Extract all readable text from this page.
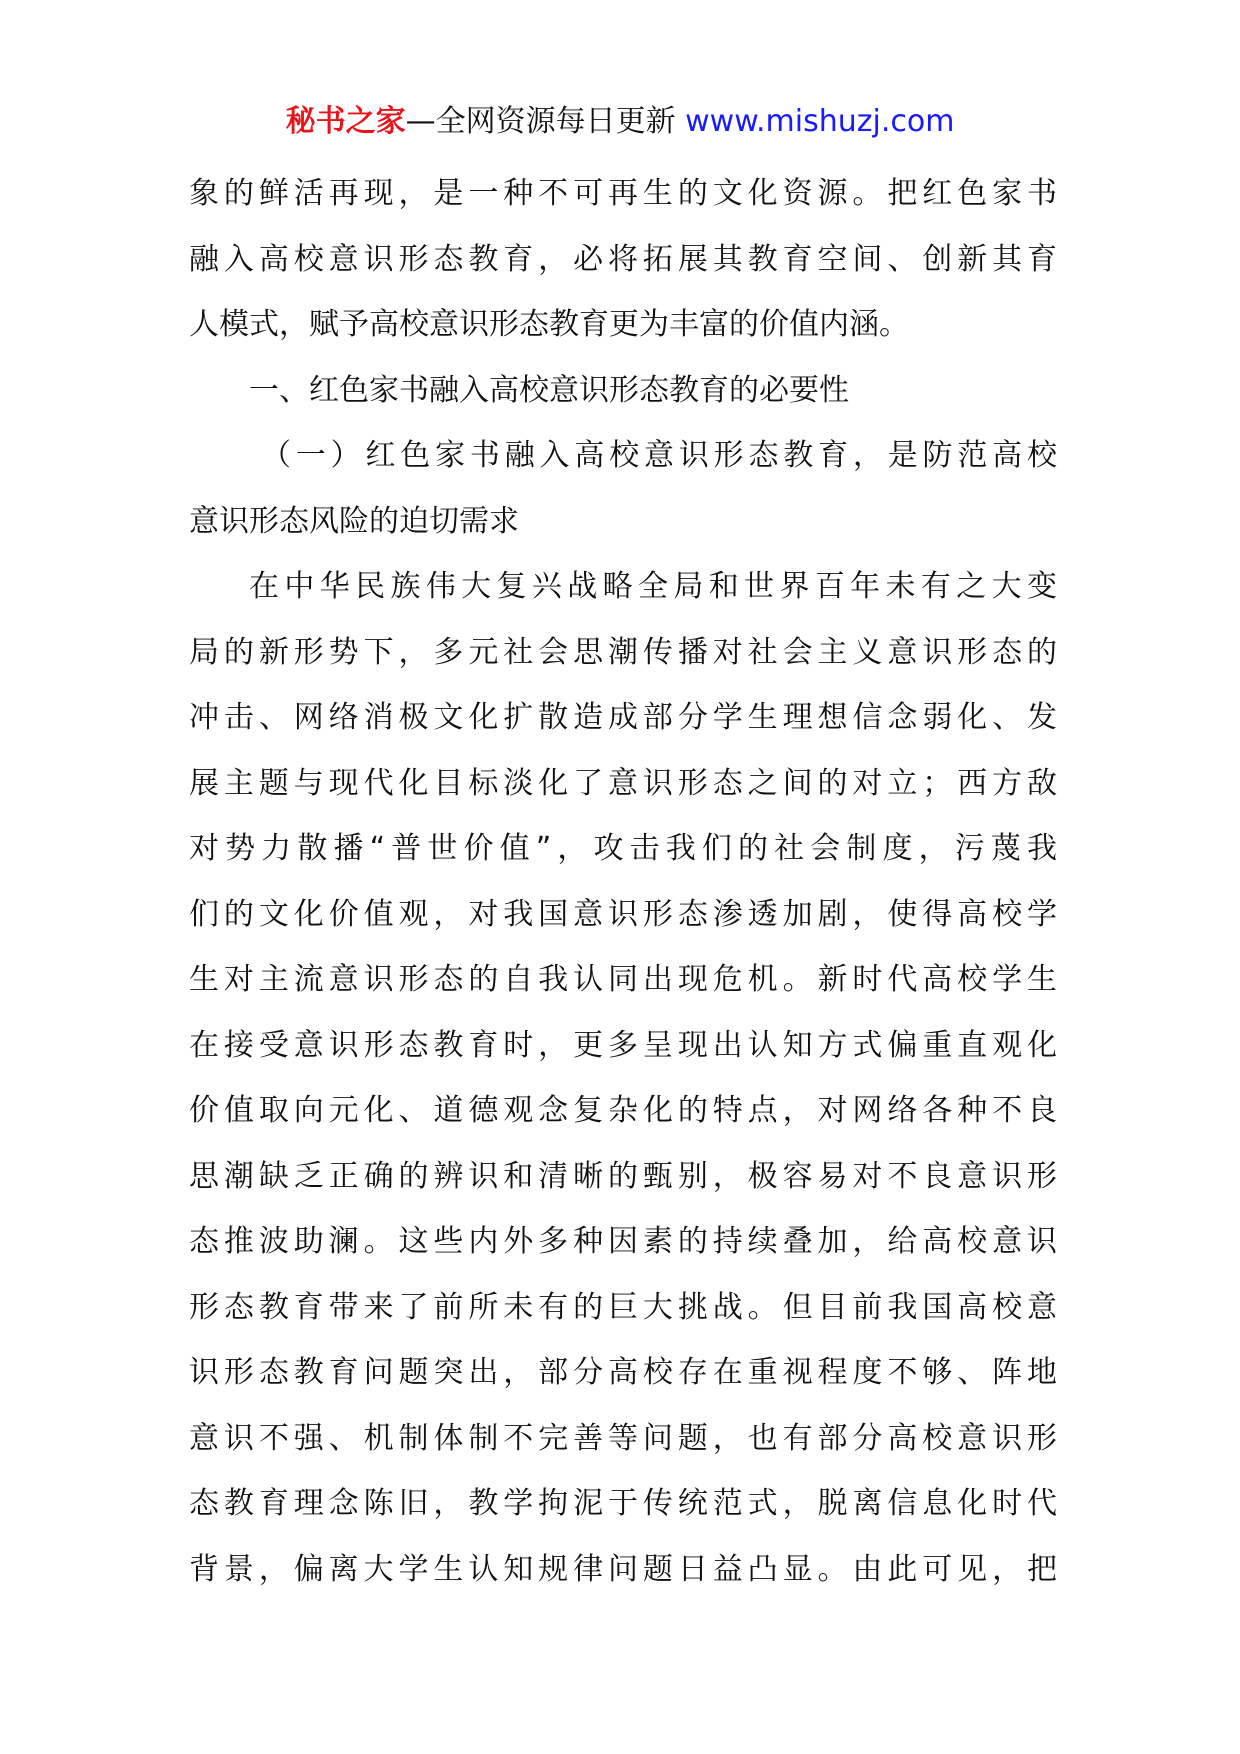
秘书之家—全网资源每日更新 www.mishuzj.com
象的鲜活再现，是一种不可再生的文化资源。把红色家书
融入高校意识形态教育，必将拓展其教育空间、创新其育
人模式，赋予高校意识形态教育更为丰富的价值内涵。
一、红色家书融入高校意识形态教育的必要性
（一）红色家书融入高校意识形态教育，是防范高校
意识形态风险的迫切需求
在中华民族伟大复兴战略全局和世界百年未有之大变
局的新形势下，多元社会思潮传播对社会主义意识形态的
冲击、网络消极文化扩散造成部分学生理想信念弱化、发
展主题与现代化目标淡化了意识形态之间的对立；西方敌
对势力散播“普世价值”，攻击我们的社会制度，污蔑我
们的文化价值观，对我国意识形态渗透加剧，使得高校学
生对主流意识形态的自我认同出现危机。新时代高校学生
在接受意识形态教育时，更多呈现出认知方式偏重直观化
价值取向元化、道德观念复杂化的特点，对网络各种不良
思潮缺乏正确的辨识和清晰的甄别，极容易对不良意识形
态推波助澜。这些内外多种因素的持续叠加，给高校意识
形态教育带来了前所未有的巨大挑战。但目前我国高校意
识形态教育问题突出，部分高校存在重视程度不够、阵地
意识不强、机制体制不完善等问题，也有部分高校意识形
态教育理念陈旧，教学拘泥于传统范式，脱离信息化时代
背景，偏离大学生认知规律问题日益凸显。由此可见，把
